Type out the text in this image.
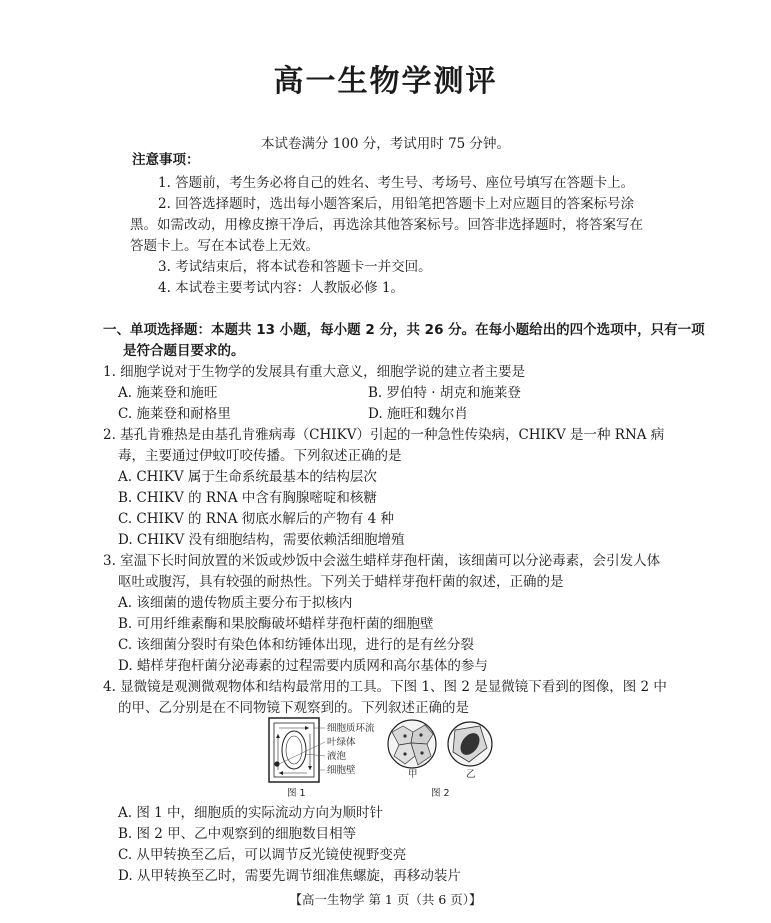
高一生物学测评
本试卷满分 100 分，考试用时 75 分钟。
注意事项：
1. 答题前，考生务必将自己的姓名、考生号、考场号、座位号填写在答题卡上。
2. 回答选择题时，选出每小题答案后，用铅笔把答题卡上对应题目的答案标号涂
黑。如需改动，用橡皮擦干净后，再选涂其他答案标号。回答非选择题时，将答案写在
答题卡上。写在本试卷上无效。
3. 考试结束后，将本试卷和答题卡一并交回。
4. 本试卷主要考试内容：人教版必修 1。
一、单项选择题：本题共 13 小题，每小题 2 分，共 26 分。在每小题给出的四个选项中，只有一项
是符合题目要求的。
1. 细胞学说对于生物学的发展具有重大意义，细胞学说的建立者主要是
A. 施莱登和施旺	B. 罗伯特 · 胡克和施莱登
C. 施莱登和耐格里	D. 施旺和魏尔肖
2. 基孔肯雅热是由基孔肯雅病毒（CHIKV）引起的一种急性传染病，CHIKV 是一种 RNA 病
毒，主要通过伊蚊叮咬传播。下列叙述正确的是
A. CHIKV 属于生命系统最基本的结构层次
B. CHIKV 的 RNA 中含有胸腺嘧啶和核糖
C. CHIKV 的 RNA 彻底水解后的产物有 4 种
D. CHIKV 没有细胞结构，需要依赖活细胞增殖
3. 室温下长时间放置的米饭或炒饭中会滋生蜡样芽孢杆菌，该细菌可以分泌毒素，会引发人体
呕吐或腹泻，具有较强的耐热性。下列关于蜡样芽孢杆菌的叙述，正确的是
A. 该细菌的遗传物质主要分布于拟核内
B. 可用纤维素酶和果胶酶破坏蜡样芽孢杆菌的细胞壁
C. 该细菌分裂时有染色体和纺锤体出现，进行的是有丝分裂
D. 蜡样芽孢杆菌分泌毒素的过程需要内质网和高尔基体的参与
4. 显微镜是观测微观物体和结构最常用的工具。下图 1、图 2 是显微镜下看到的图像，图 2 中
的甲、乙分别是在不同物镜下观察到的。下列叙述正确的是
细胞质环流
叶绿体
液泡
细胞壁
图 1
甲	乙
图 2
A. 图 1 中，细胞质的实际流动方向为顺时针
B. 图 2 甲、乙中观察到的细胞数目相等
C. 从甲转换至乙后，可以调节反光镜使视野变亮
D. 从甲转换至乙时，需要先调节细准焦螺旋，再移动装片
【高一生物学 第 1 页（共 6 页）】
